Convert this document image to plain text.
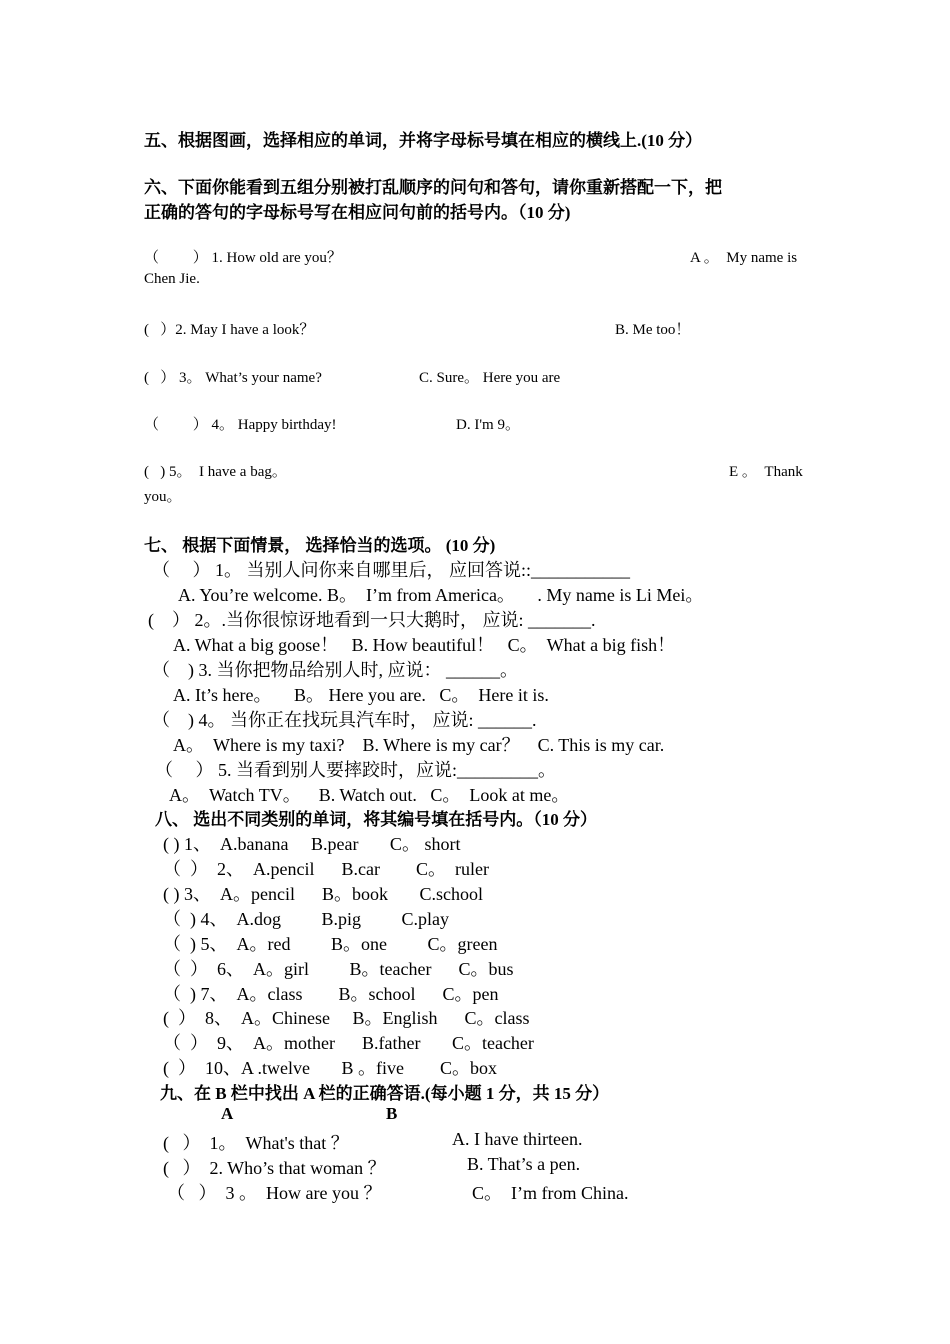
五、根据图画，选择相应的单词，并将字母标号填在相应的横线上.(10 分）
六、下面你能看到五组分别被打乱顺序的问句和答句，请你重新搭配一下，把
正确的答句的字母标号写在相应问句前的括号内。（10 分)
（         ） 1. How old are you？	A 。  My name is
Chen Jie.
(   ）2. May I have a look？	B. Me too！
(   ） 3。 What’s your name?	C. Sure。 Here you are
（         ） 4。 Happy birthday!	D. I'm 9。
(   ) 5。  I have a bag。	E 。  Thank
you。
七、 根据下面情景， 选择恰当的选项。 (10 分)
（     ） 1。 当别人问你来自哪里后， 应回答说::___________
A. You’re welcome. B。  I’m from America。     . My name is Li Mei。
(    ） 2。.当你很惊讶地看到一只大鹅时， 应说: _______.
A. What a big goose！   B. How beautiful！   C。  What a big fish！
（    ) 3. 当你把物品给别人时, 应说： ______。
A. It’s here。     B。 Here you are.   C。  Here it is.
（    ) 4。 当你正在找玩具汽车时， 应说: ______.
A。  Where is my taxi?    B. Where is my car？    C. This is my car.
（     ） 5. 当看到别人要摔跤时，应说:_________。
A。  Watch TV。    B. Watch out.   C。  Look at me。
八、 选出不同类别的单词，将其编号填在括号内。（10 分）
( ) 1、  A.banana     B.pear       C。 short
（  ）  2、  A.pencil      B.car        C。  ruler
( ) 3、  A。pencil      B。book       C.school
（  ) 4、  A.dog         B.pig         C.play
（  ) 5、  A。red         B。one         C。green
（  ）  6、  A。girl         B。teacher      C。bus
（  ) 7、  A。class        B。school      C。pen
(  ）  8、  A。Chinese     B。English      C。class
（  ）  9、  A。mother      B.father       C。teacher
(  ）  10、A .twelve       B 。five        C。box
九、在 B 栏中找出 A 栏的正确答语.(每小题 1 分，共 15 分）
A	B
(   ）  1。  What's that ？	A. I have thirteen.
(   ）  2. Who’s that woman ？	B. That’s a pen.
（   ）  3 。  How are you ？	C。  I’m from China.
